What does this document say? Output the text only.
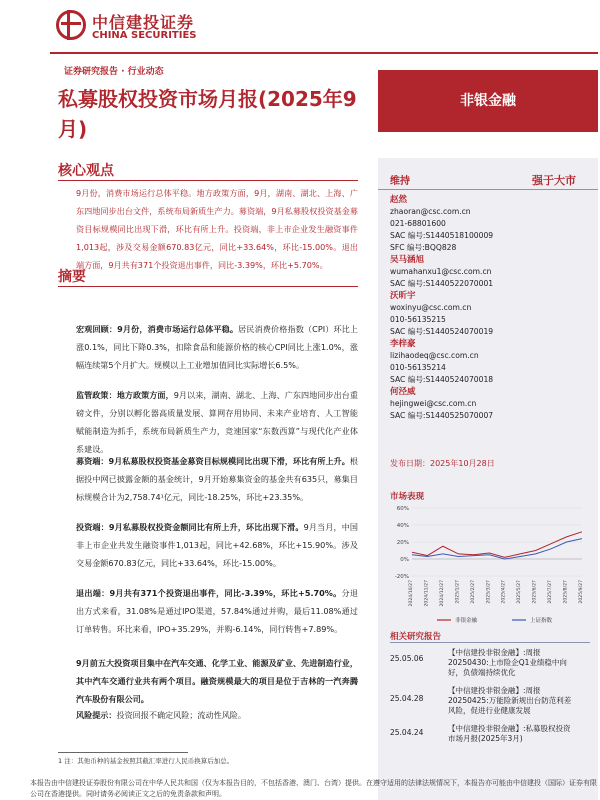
中信建投证券
CHINA SECURITIES
证券研究报告 · 行业动态
私募股权投资市场月报(2025年9月)
非银金融
核心观点
9月份，消费市场运行总体平稳。地方政策方面，9月，湖南、湖北、上海、广东四地同步出台文件，系统布局新质生产力。募资端，9月私募股权投资基金募资目标规模同比出现下滑，环比有所上升。投资端，非上市企业发生融资事件1,013起，涉及交易金额670.83亿元，同比+33.64%，环比-15.00%。退出端方面，9月共有371个投资退出事件，同比-3.39%，环比+5.70%。
摘要
宏观回顾：9月份，消费市场运行总体平稳。居民消费价格指数（CPI）环比上涨0.1%，同比下降0.3%，扣除食品和能源价格的核心CPI同比上涨1.0%，涨幅连续第5个月扩大。规模以上工业增加值同比实际增长6.5%。
监管政策：地方政策方面，9月以来，湖南、湖北、上海、广东四地同步出台重磅文件，分别以孵化器高质量发展、算网存用协同、未来产业培育、人工智能赋能制造为抓手，系统布局新质生产力，竞速国家“东数西算”与现代化产业体系建设。
募资端：9月私募股权投资基金募资目标规模同比出现下滑，环比有所上升。根据投中网已披露金额的基金统计，9月开始募集资金的基金共有635只，募集目标规模合计为2,758.74¹亿元，同比-18.25%，环比+23.35%。
投资端：9月私募股权投资金额同比有所上升，环比出现下滑。9月当月，中国非上市企业共发生融资事件1,013起，同比+42.68%，环比+15.90%。涉及交易金额670.83亿元，同比+33.64%，环比-15.00%。
退出端：9月共有371个投资退出事件，同比-3.39%，环比+5.70%。分退出方式来看，31.08%是通过IPO渠道，57.84%通过并购，最后11.08%通过订单转售。环比来看，IPO+35.29%，并购-6.14%，同行转售+7.89%。
9月前五大投资项目集中在汽车交通、化学工业、能源及矿业、先进制造行业，其中汽车交通行业共有两个项目。融资规模最大的项目是位于吉林的一汽奔腾汽车股份有限公司。
风险提示：投资回报不确定风险；流动性风险。
维持	强于大市
赵然
zhaoran@csc.com.cn
021-68801600
SAC 编号:S1440518100009
SFC 编号:BQQ828
吴马涵旭
wumahanxu1@csc.com.cn
SAC 编号:S1440522070001
沃昕宇
woxinyu@csc.com.cn
010-56135215
SAC 编号:S1440524070019
李梓豪
lizihaodeq@csc.com.cn
010-56135214
SAC 编号:S1440524070018
何泾威
hejingwei@csc.com.cn
SAC 编号:S1440525070007
市场表现
60%
40%
20%
0%
-20%
2024/10/27 2024/11/27 2024/12/27 2025/1/27 2025/2/27 2025/3/27 2025/4/27 2025/5/27 2025/6/27 2025/7/27 2025/8/27 2025/9/27
非银金融	上证指数
发布日期：2025年10月28日
相关研究报告
25.05.06
【中信建投非银金融】:周报20250430:上市险企Q1业绩稳中向好，负债端持续优化
25.04.28
【中信建投非银金融】:周报20250425:万能险新规出台防范利差风险，促进行业健康发展
25.04.24	【中信建投非银金融】:私募股权投资市场月报(2025年3月)
1 注：其他币种的基金按照其截汇率进行人民币换算后加总。
本报告由中信建投证券股份有限公司在中华人民共和国（仅为本报告目的，不包括香港、澳门、台湾）提供。在遵守适用的法律法规情况下，本报告亦可能由中信建投（国际）证券有限公司在香港提供。同时请务必阅读正文之后的免责条款和声明。
